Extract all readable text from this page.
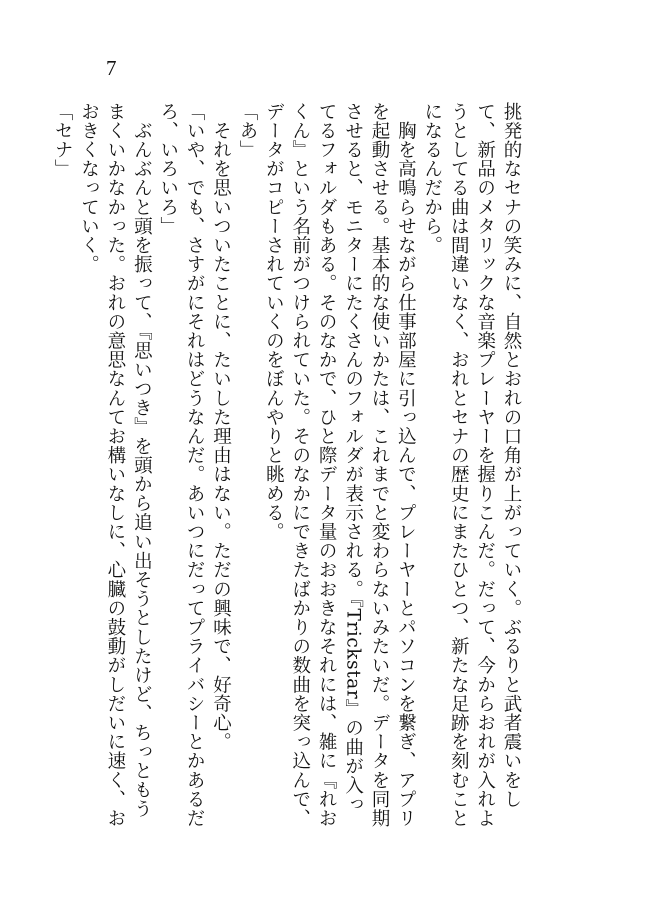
7

挑発的なセナの笑みに、自然とおれの口角が上がっていく。ぶるりと武者震いをして、新品のメタリックな音楽プレーヤーを握りこんだ。だって、今からおれが入れようとしてる曲は間違いなく、おれとセナの歴史にまたひとつ、新たな足跡を刻むことになるんだから。

　胸を高鳴らせながら仕事部屋に引っ込んで、プレーヤーとパソコンを繋ぎ、アプリを起動させる。基本的な使いかたは、これまでと変わらないみたいだ。データを同期させると、モニターにたくさんのフォルダが表示される。『Trickstar』の曲が入ってるフォルダもある。そのなかで、ひと際データ量のおおきなそれには、雑に『れおくん』という名前がつけられていた。そのなかにできたばかりの数曲を突っ込んで、データがコピーされていくのをぼんやりと眺める。

「あ」

　それを思いついたことに、たいした理由はない。ただの興味で、好奇心。

「いや、でも、さすがにそれはどうなんだ。あいつにだってプライバシーとかあるだろ、いろいろ」

　ぶんぶんと頭を振って、『思いつき』を頭から追い出そうとしたけど、ちっともうまくいかなかった。おれの意思なんてお構いなしに、心臓の鼓動がしだいに速く、おおきくなっていく。

「セナ」
